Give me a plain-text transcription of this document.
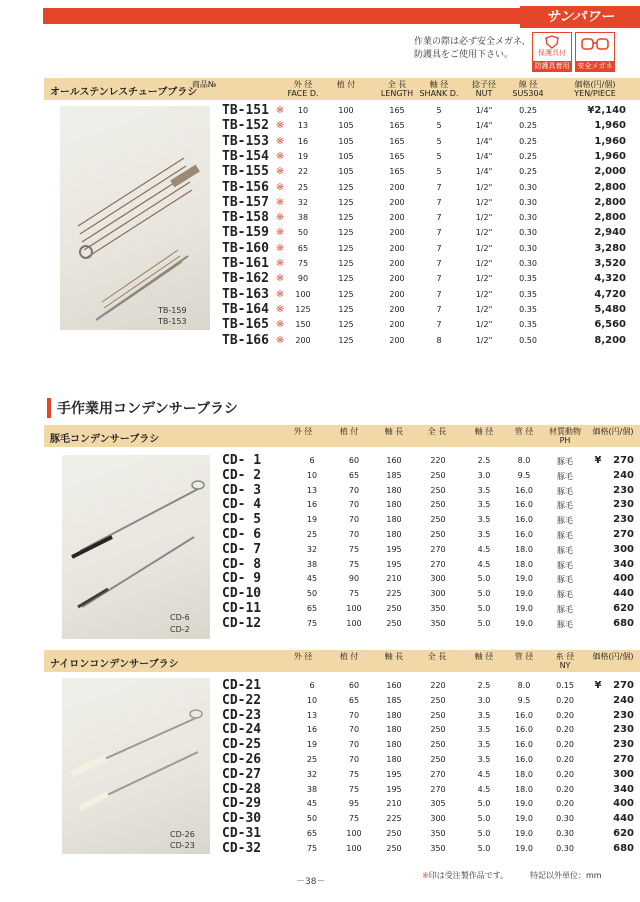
サンパワー
作業の際は必ず安全メガネ、防護具をご使用下さい。	保護具付
防護具着用 安全メガネ
オールステンレスチューブブラシ
商品№	外 径
FACE D.
植 付	全 長
LENGTH
軸 径
SHANK D.
捻子径
NUT
線 径
SUS304
価格(円/個)
YEN/PIECE
TB-159
TB-153
TB-151 ※	10	100	165	5	1/4"	0.25	¥2,140
TB-152 ※	13	105	165	5	1/4"	0.25	1,960
TB-153 ※	16	105	165	5	1/4"	0.25	1,960
TB-154 ※	19	105	165	5	1/4"	0.25	1,960
TB-155 ※	22	105	165	5	1/4"	0.25	2,000
TB-156 ※	25	125	200	7	1/2"	0.30	2,800
TB-157 ※	32	125	200	7	1/2"	0.30	2,800
TB-158 ※	38	125	200	7	1/2"	0.30	2,800
TB-159 ※	50	125	200	7	1/2"	0.30	2,940
TB-160 ※	65	125	200	7	1/2"	0.30	3,280
TB-161 ※	75	125	200	7	1/2"	0.30	3,520
TB-162 ※	90	125	200	7	1/2"	0.35	4,320
TB-163 ※	100	125	200	7	1/2"	0.35	4,720
TB-164 ※	125	125	200	7	1/2"	0.35	5,480
TB-165 ※	150	125	200	7	1/2"	0.35	6,560
TB-166 ※	200	125	200	8	1/2"	0.50	8,200
手作業用コンデンサーブラシ
豚毛コンデンサーブラシ
外 径	植 付	軸 長	全 長	軸 径	管 径	材質動物
PH
価格(円/個)
CD-6
CD-2
CD- 1	6	60	160	220	2.5	8.0	豚毛	¥	270
CD- 2	10	65	185	250	3.0	9.5	豚毛	240
CD- 3	13	70	180	250	3.5	16.0	豚毛	230
CD- 4	16	70	180	250	3.5	16.0	豚毛	230
CD- 5	19	70	180	250	3.5	16.0	豚毛	230
CD- 6	25	70	180	250	3.5	16.0	豚毛	270
CD- 7	32	75	195	270	4.5	18.0	豚毛	300
CD- 8	38	75	195	270	4.5	18.0	豚毛	340
CD- 9	45	90	210	300	5.0	19.0	豚毛	400
CD-10	50	75	225	300	5.0	19.0	豚毛	440
CD-11	65	100	250	350	5.0	19.0	豚毛	620
CD-12	75	100	250	350	5.0	19.0	豚毛	680
ナイロンコンデンサーブラシ
外 径	植 付	軸 長	全 長	軸 径	管 径	糸 径
NY
価格(円/個)
CD-26
CD-23
CD-21	6	60	160	220	2.5	8.0	0.15	¥	270
CD-22	10	65	185	250	3.0	9.5	0.20	240
CD-23	13	70	180	250	3.5	16.0	0.20	230
CD-24	16	70	180	250	3.5	16.0	0.20	230
CD-25	19	70	180	250	3.5	16.0	0.20	230
CD-26	25	70	180	250	3.5	16.0	0.20	270
CD-27	32	75	195	270	4.5	18.0	0.20	300
CD-28	38	75	195	270	4.5	18.0	0.20	340
CD-29	45	95	210	305	5.0	19.0	0.20	400
CD-30	50	75	225	300	5.0	19.0	0.30	440
CD-31	65	100	250	350	5.0	19.0	0.30	620
CD-32	75	100	250	350	5.0	19.0	0.30	680
－38－
※印は受注製作品です。	特記以外単位：mm
